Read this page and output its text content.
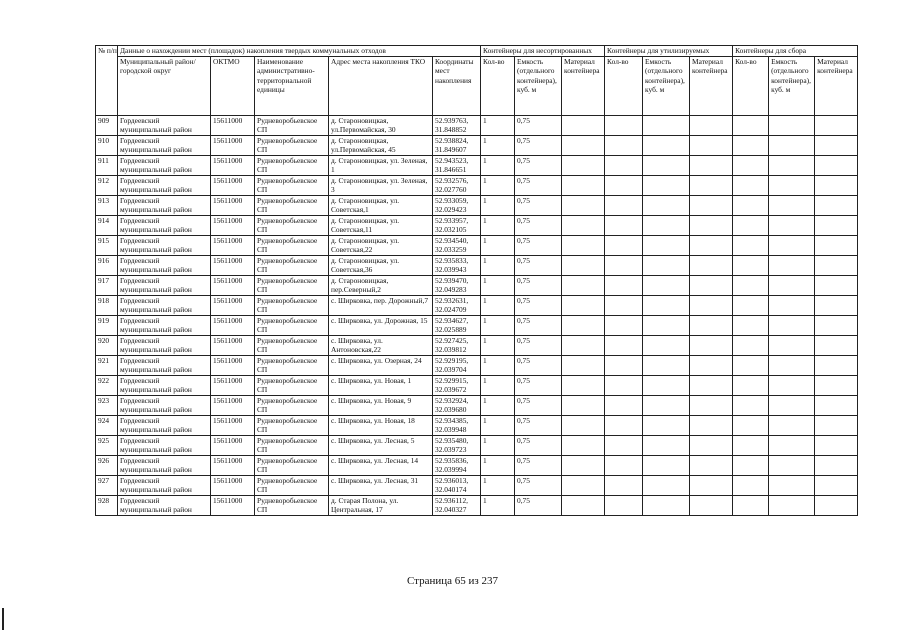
№ п/п	Данные о нахождении мест (площадок) накопления твердых коммунальных отходов					Контейнеры для несортированных			Контейнеры для утилизируемых			Контейнеры для сбора		
	Муниципальный район/городской округ	ОКТМО	Наименование административно-территориальной единицы	Адрес места накопления ТКО	Координаты мест накопления	Кол-во	Емкость (отдельного контейнера), куб. м	Материал контейнера	Кол-во	Емкость (отдельного контейнера), куб. м	Материал контейнера	Кол-во	Емкость (отдельного контейнера), куб. м	Материал контейнера
909	Гордеевский муниципальный район	15611000	Рудневоробьевское СП	д. Староновицкая, ул.Первомайская, 30	52.939763, 31.848852	1	0,75							
910	Гордеевский муниципальный район	15611000	Рудневоробьевское СП	д. Староновицкая, ул.Первомайская, 45	52.938824, 31.849607	1	0,75							
911	Гордеевский муниципальный район	15611000	Рудневоробьевское СП	д. Староновицкая, ул. Зеленая, 1	52.943523, 31.846651	1	0,75							
912	Гордеевский муниципальный район	15611000	Рудневоробьевское СП	д. Староновицкая, ул. Зеленая, 3	52.932576, 32.027760	1	0,75							
913	Гордеевский муниципальный район	15611000	Рудневоробьевское СП	д. Староновицкая, ул. Советская,1	52.933059, 32.029423	1	0,75							
914	Гордеевский муниципальный район	15611000	Рудневоробьевское СП	д. Староновицкая, ул. Советская,11	52.933957, 32.032105	1	0,75							
915	Гордеевский муниципальный район	15611000	Рудневоробьевское СП	д. Староновицкая, ул. Советская,22	52.934540, 32.033259	1	0,75							
916	Гордеевский муниципальный район	15611000	Рудневоробьевское СП	д. Староновицкая, ул. Советская,36	52.935833, 32.039943	1	0,75							
917	Гордеевский муниципальный район	15611000	Рудневоробьевское СП	д. Староновицкая, пер.Северный,2	52.939470, 32.049283	1	0,75							
918	Гордеевский муниципальный район	15611000	Рудневоробьевское СП	с. Ширковка, пер. Дорожный,7	52.932631, 32.024709	1	0,75							
919	Гордеевский муниципальный район	15611000	Рудневоробьевское СП	с. Ширковка, ул. Дорожная, 15	52.934627, 32.025889	1	0,75							
920	Гордеевский муниципальный район	15611000	Рудневоробьевское СП	с. Ширковка, ул. Антоновская,22	52.927425, 32.039812	1	0,75							
921	Гордеевский муниципальный район	15611000	Рудневоробьевское СП	с. Ширковка, ул. Озерная, 24	52.929195, 32.039704	1	0,75							
922	Гордеевский муниципальный район	15611000	Рудневоробьевское СП	с. Ширковка, ул. Новая, 1	52.929915, 32.039672	1	0,75							
923	Гордеевский муниципальный район	15611000	Рудневоробьевское СП	с. Ширковка, ул. Новая, 9	52.932924, 32.039680	1	0,75							
924	Гордеевский муниципальный район	15611000	Рудневоробьевское СП	с. Ширковка, ул. Новая, 18	52.934385, 32.039948	1	0,75							
925	Гордеевский муниципальный район	15611000	Рудневоробьевское СП	с. Ширковка, ул. Лесная, 5	52.935480, 32.039723	1	0,75							
926	Гордеевский муниципальный район	15611000	Рудневоробьевское СП	с. Ширковка, ул. Лесная, 14	52.935836, 32.039994	1	0,75							
927	Гордеевский муниципальный район	15611000	Рудневоробьевское СП	с. Ширковка, ул. Лесная, 31	52.936013, 32.040174	1	0,75							
928	Гордеевский муниципальный район	15611000	Рудневоробьевское СП	д. Старая Полона, ул. Центральная, 17	52.936112, 32.040327	1	0,75							
Страница 65 из 237
